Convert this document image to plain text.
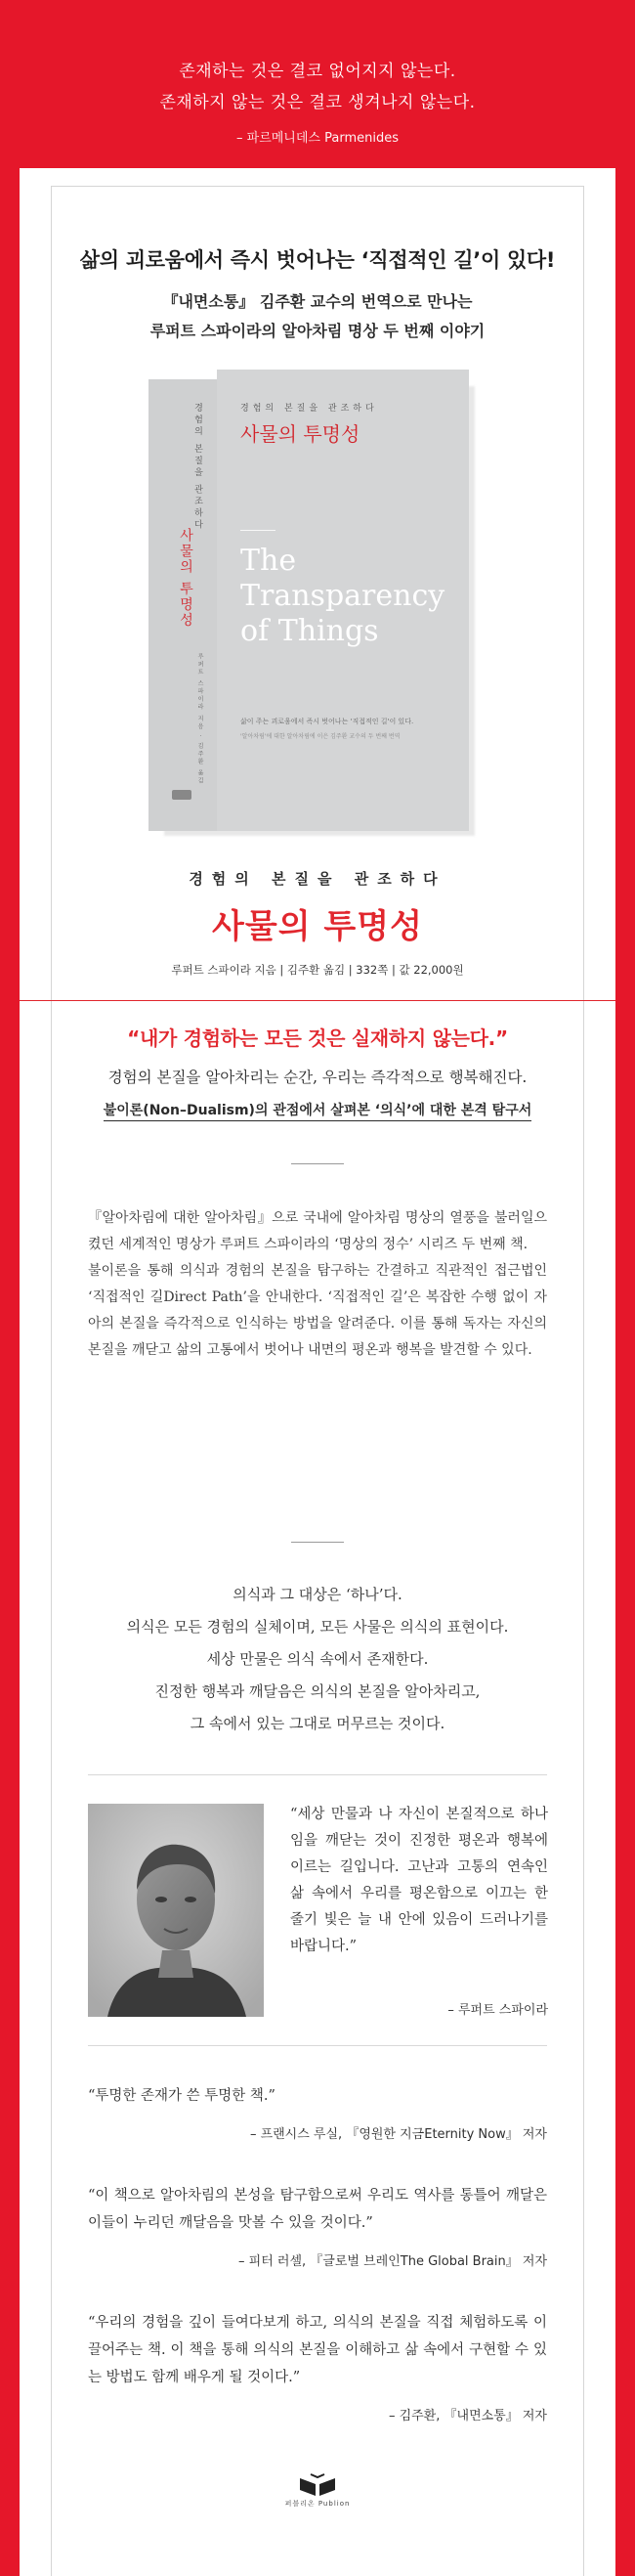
존재하는 것은 결코 없어지지 않는다.
존재하지 않는 것은 결코 생겨나지 않는다.
– 파르메니데스 Parmenides
삶의 괴로움에서 즉시 벗어나는 ‘직접적인 길’이 있다!
『내면소통』 김주환 교수의 번역으로 만나는
루퍼트 스파이라의 알아차림 명상 두 번째 이야기
경험의 본질을 관조하다
사물의 투명성
루퍼트 스파이라 지음 · 김주환 옮김
경험의 본질을 관조하다
사물의 투명성
The Transparency of Things
삶이 주는 괴로움에서 즉시 벗어나는 '직접적인 길'이 있다.
'알아차림'에 대한 알아차림에 이은 김주환 교수의 두 번째 번역
경험의 본질을 관조하다
사물의 투명성
루퍼트 스파이라 지음 | 김주환 옮김 | 332쪽 | 값 22,000원
“내가 경험하는 모든 것은 실재하지 않는다.”
경험의 본질을 알아차리는 순간, 우리는 즉각적으로 행복해진다.
불이론(Non–Dualism)의 관점에서 살펴본 ‘의식’에 대한 본격 탐구서

『알아차림에 대한 알아차림』으로 국내에 알아차림 명상의 열풍을 불러일으켰던 세계적인 명상가 루퍼트 스파이라의 ‘명상의 정수’ 시리즈 두 번째 책.

불이론을 통해 의식과 경험의 본질을 탐구하는 간결하고 직관적인 접근법인 ‘직접적인 길Direct Path’을 안내한다. ‘직접적인 길’은 복잡한 수행 없이 자아의 본질을 즉각적으로 인식하는 방법을 알려준다. 이를 통해 독자는 자신의 본질을 깨닫고 삶의 고통에서 벗어나 내면의 평온과 행복을 발견할 수 있다.

의식과 그 대상은 ‘하나’다.
의식은 모든 경험의 실체이며, 모든 사물은 의식의 표현이다.
세상 만물은 의식 속에서 존재한다.
진정한 행복과 깨달음은 의식의 본질을 알아차리고,
그 속에서 있는 그대로 머무르는 것이다.

“세상 만물과 나 자신이 본질적으로 하나임을 깨닫는 것이 진정한 평온과 행복에 이르는 길입니다. 고난과 고통의 연속인 삶 속에서 우리를 평온함으로 이끄는 한 줄기 빛은 늘 내 안에 있음이 드러나기를 바랍니다.”

– 루퍼트 스파이라

“투명한 존재가 쓴 투명한 책.”

– 프랜시스 루실, 『영원한 지금Eternity Now』 저자

“이 책으로 알아차림의 본성을 탐구함으로써 우리도 역사를 통틀어 깨달은 이들이 누리던 깨달음을 맛볼 수 있을 것이다.”

– 피터 러셀, 『글로벌 브레인The Global Brain』 저자

“우리의 경험을 깊이 들여다보게 하고, 의식의 본질을 직접 체험하도록 이끌어주는 책. 이 책을 통해 의식의 본질을 이해하고 삶 속에서 구현할 수 있는 방법도 함께 배우게 될 것이다.”

– 김주환, 『내면소통』 저자
퍼블리온 Publion
